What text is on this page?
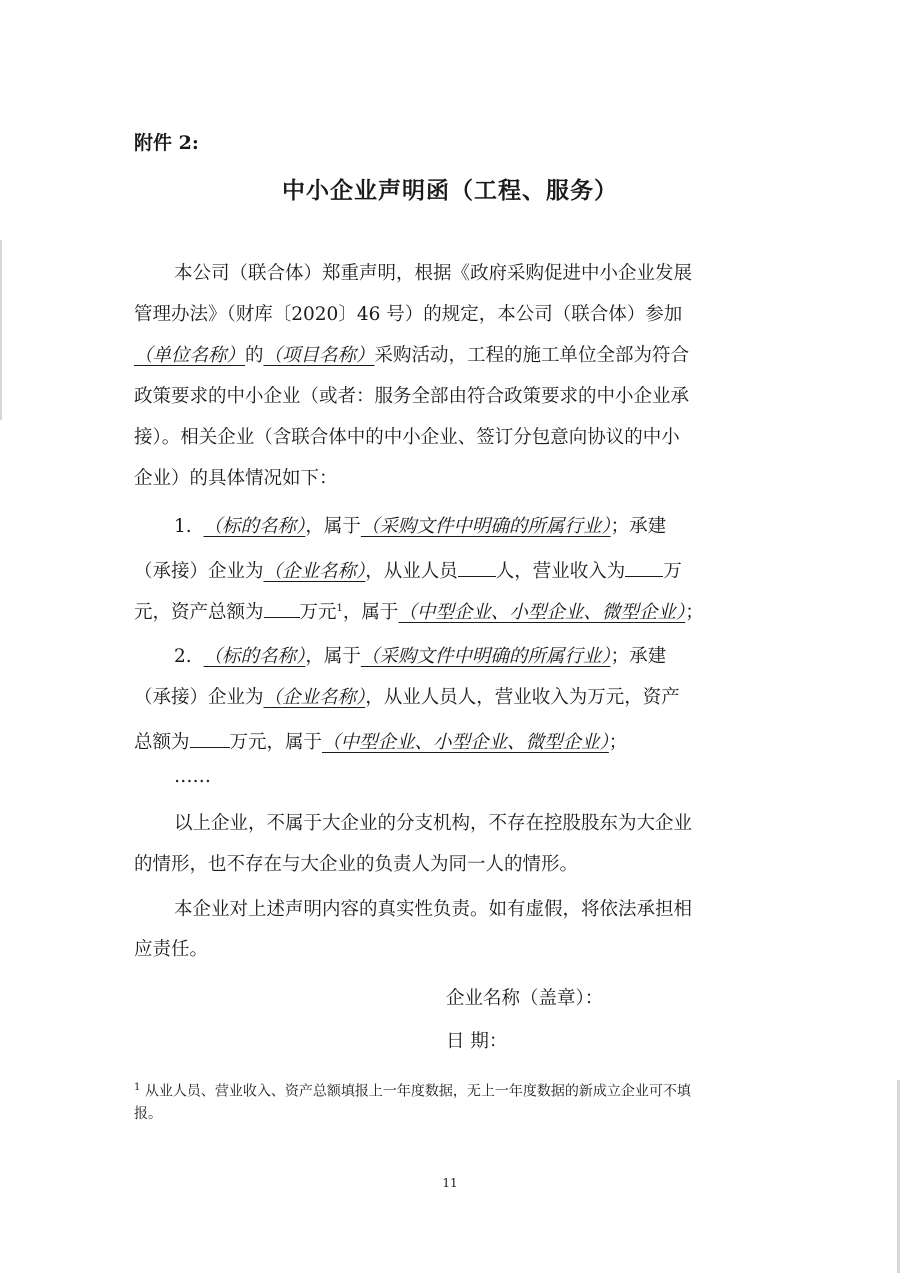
附件 2:
中小企业声明函（工程、服务）
本公司（联合体）郑重声明，根据《政府采购促进中小企业发展
管理办法》（财库〔2020〕46 号）的规定，本公司（联合体）参加
（单位名称）的（项目名称）采购活动，工程的施工单位全部为符合
政策要求的中小企业（或者：服务全部由符合政策要求的中小企业承
接）。相关企业（含联合体中的中小企业、签订分包意向协议的中小
企业）的具体情况如下：
1. （标的名称），属于（采购文件中明确的所属行业）；承建
（承接）企业为（企业名称），从业人员 人，营业收入为 万
元，资产总额为 万元$^1$，属于（中型企业、小型企业、微型企业）；
2. （标的名称），属于（采购文件中明确的所属行业）；承建
（承接）企业为（企业名称），从业人员人，营业收入为万元，资产
总额为 万元，属于（中型企业、小型企业、微型企业）；
……
以上企业，不属于大企业的分支机构，不存在控股股东为大企业
的情形，也不存在与大企业的负责人为同一人的情形。
本企业对上述声明内容的真实性负责。如有虚假，将依法承担相
应责任。
企业名称（盖章）：
日 期：
$^1$ 从业人员、营业收入、资产总额填报上一年度数据，无上一年度数据的新成立企业可不填
报。
11
